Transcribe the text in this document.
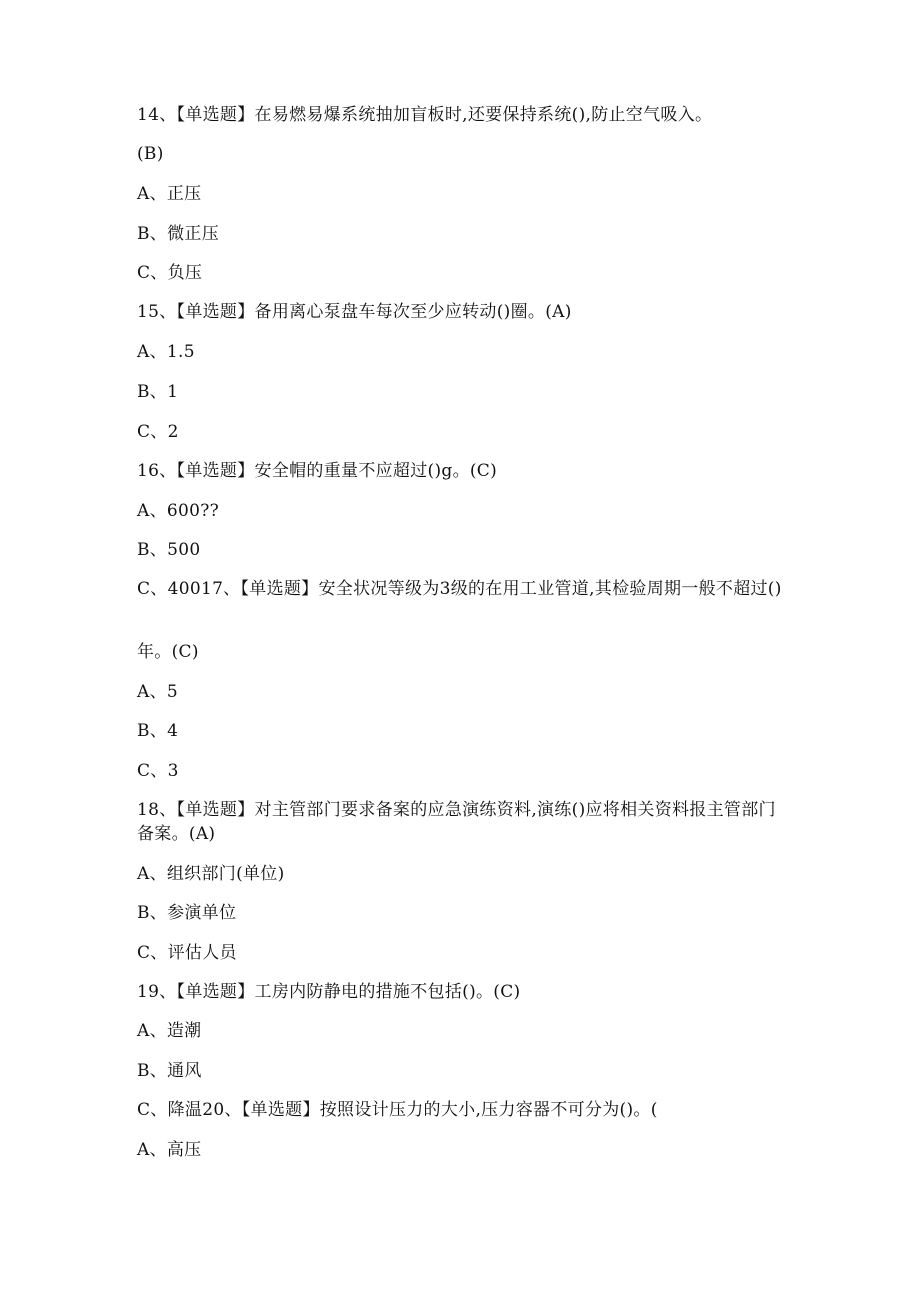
14、【单选题】在易燃易爆系统抽加盲板时,还要保持系统(),防止空气吸入。
(B)
A、正压
B、微正压
C、负压
15、【单选题】备用离心泵盘车每次至少应转动()圈。(A)
A、1.5
B、1
C、2
16、【单选题】安全帽的重量不应超过()g。(C)
A、600??
B、500
C、40017、【单选题】安全状况等级为3级的在用工业管道,其检验周期一般不超过()
年。(C)
A、5
B、4
C、3
18、【单选题】对主管部门要求备案的应急演练资料,演练()应将相关资料报主管部门备案。(A)
A、组织部门(单位)
B、参演单位
C、评估人员
19、【单选题】工房内防静电的措施不包括()。(C)
A、造潮
B、通风
C、降温20、【单选题】按照设计压力的大小,压力容器不可分为()。(
A、高压
